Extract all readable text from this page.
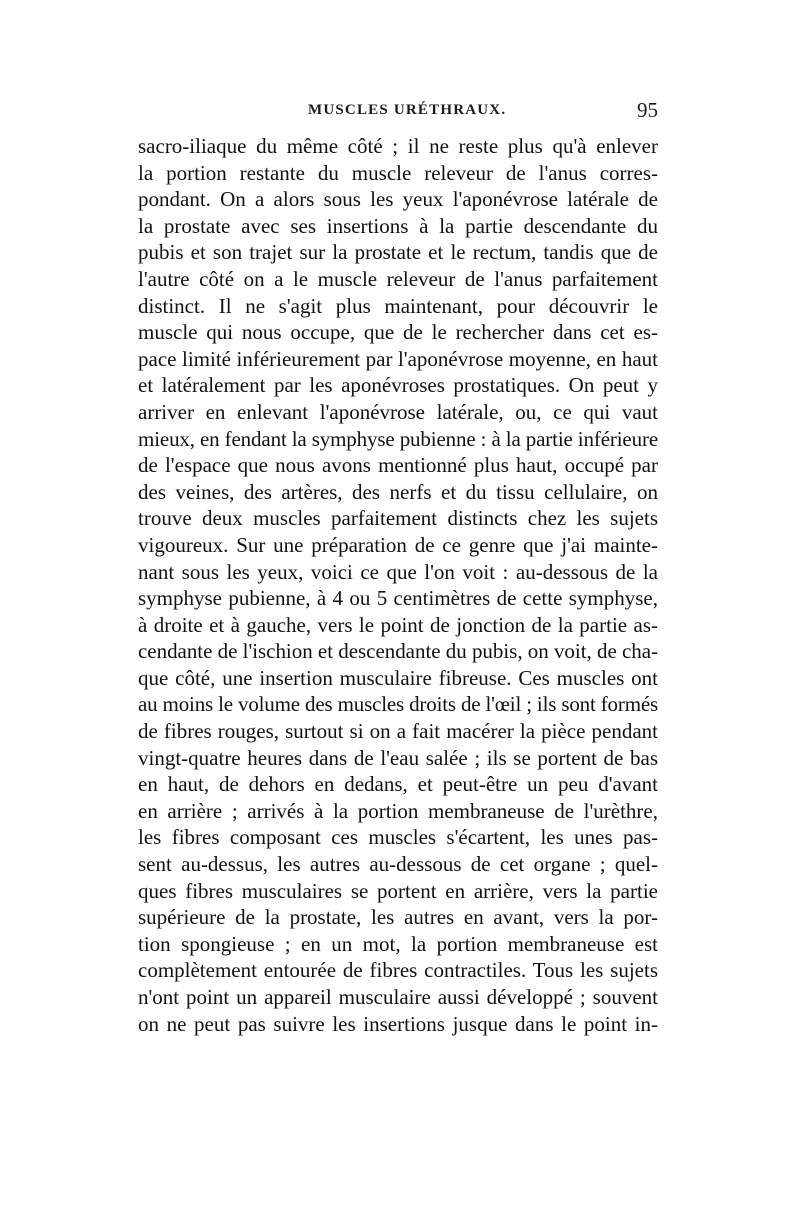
MUSCLES URÉTHRAUX.	95
sacro-iliaque du même côté ; il ne reste plus qu'à enlever
la portion restante du muscle releveur de l'anus corres-
pondant. On a alors sous les yeux l'aponévrose latérale de
la prostate avec ses insertions à la partie descendante du
pubis et son trajet sur la prostate et le rectum, tandis que de
l'autre côté on a le muscle releveur de l'anus parfaitement
distinct. Il ne s'agit plus maintenant, pour découvrir le
muscle qui nous occupe, que de le rechercher dans cet es-
pace limité inférieurement par l'aponévrose moyenne, en haut
et latéralement par les aponévroses prostatiques. On peut y
arriver en enlevant l'aponévrose latérale, ou, ce qui vaut
mieux, en fendant la symphyse pubienne : à la partie inférieure
de l'espace que nous avons mentionné plus haut, occupé par
des veines, des artères, des nerfs et du tissu cellulaire, on
trouve deux muscles parfaitement distincts chez les sujets
vigoureux. Sur une préparation de ce genre que j'ai mainte-
nant sous les yeux, voici ce que l'on voit : au-dessous de la
symphyse pubienne, à 4 ou 5 centimètres de cette symphyse,
à droite et à gauche, vers le point de jonction de la partie as-
cendante de l'ischion et descendante du pubis, on voit, de cha-
que côté, une insertion musculaire fibreuse. Ces muscles ont
au moins le volume des muscles droits de l'œil ; ils sont formés
de fibres rouges, surtout si on a fait macérer la pièce pendant
vingt-quatre heures dans de l'eau salée ; ils se portent de bas
en haut, de dehors en dedans, et peut-être un peu d'avant
en arrière ; arrivés à la portion membraneuse de l'urèthre,
les fibres composant ces muscles s'écartent, les unes pas-
sent au-dessus, les autres au-dessous de cet organe ; quel-
ques fibres musculaires se portent en arrière, vers la partie
supérieure de la prostate, les autres en avant, vers la por-
tion spongieuse ; en un mot, la portion membraneuse est
complètement entourée de fibres contractiles. Tous les sujets
n'ont point un appareil musculaire aussi développé ; souvent
on ne peut pas suivre les insertions jusque dans le point in-
